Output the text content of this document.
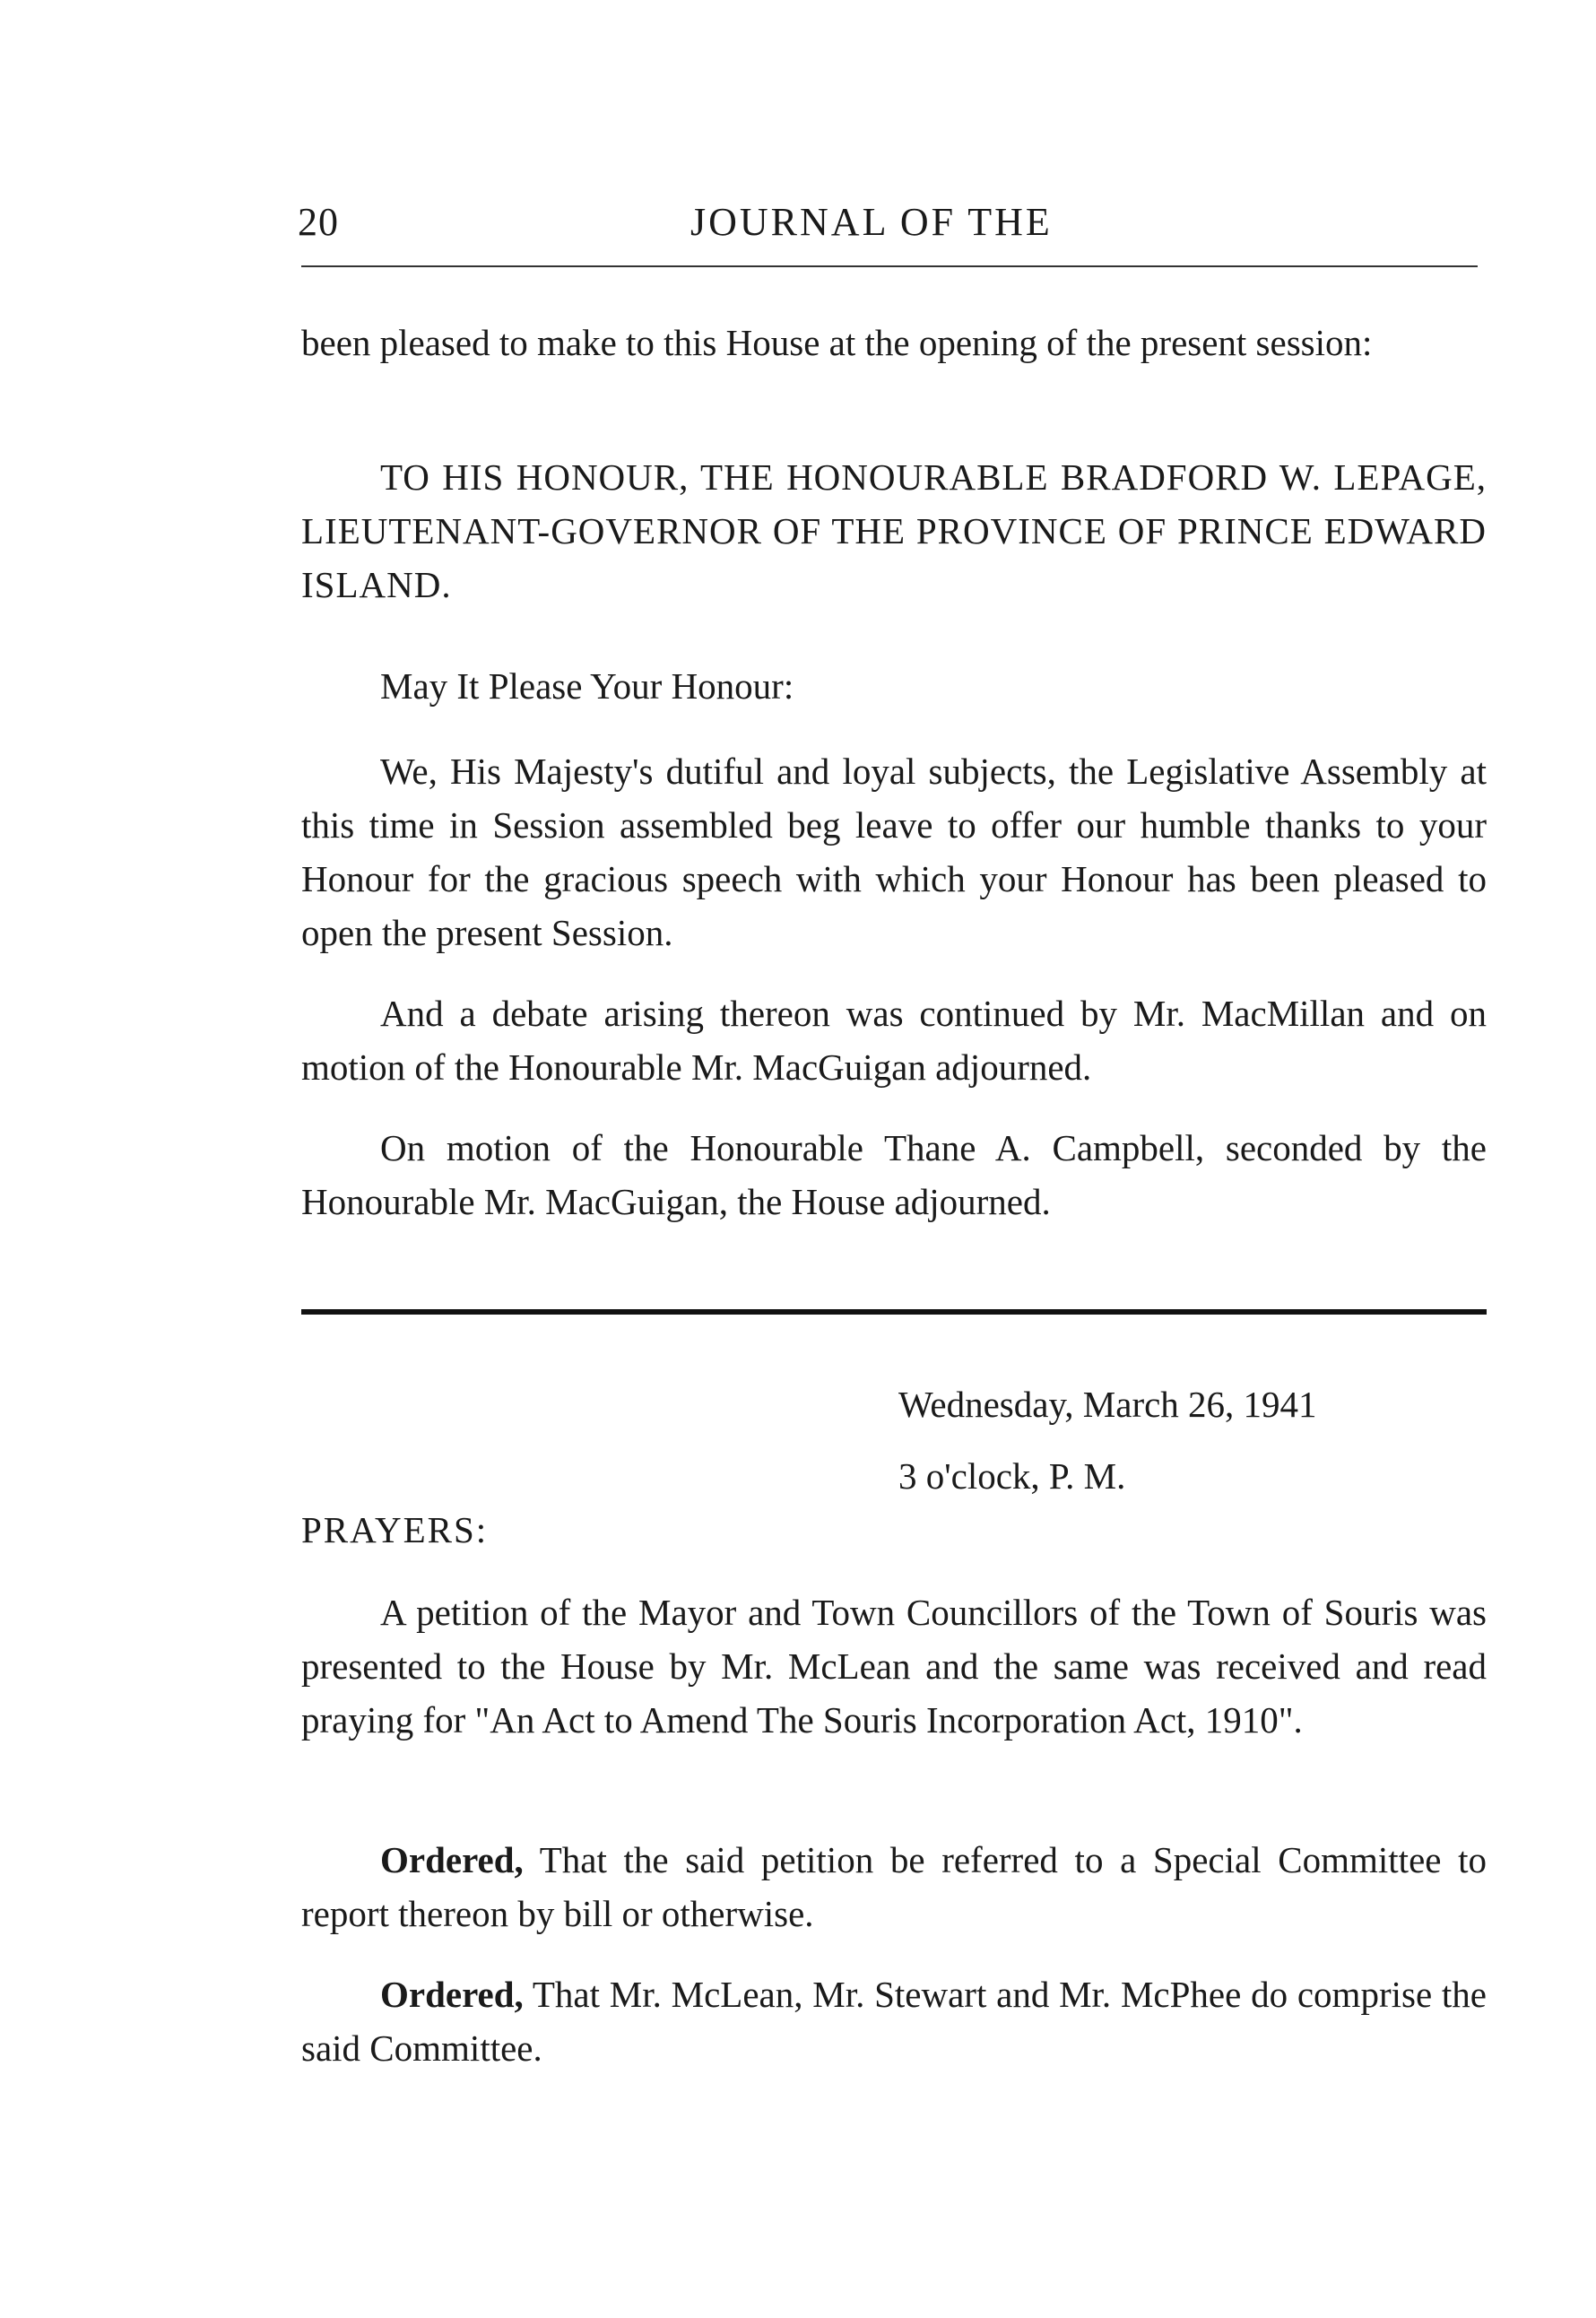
20	JOURNAL OF THE
been pleased to make to this House at the opening of the present session:
TO HIS HONOUR, THE HONOURABLE BRADFORD W. LEPAGE, LIEUTENANT-GOVERNOR OF THE PROVINCE OF PRINCE EDWARD ISLAND.
May It Please Your Honour:
We, His Majesty's dutiful and loyal subjects, the Legislative Assembly at this time in Session assembled beg leave to offer our humble thanks to your Honour for the gracious speech with which your Honour has been pleased to open the present Session.
And a debate arising thereon was continued by Mr. MacMillan and on motion of the Honourable Mr. MacGuigan adjourned.
On motion of the Honourable Thane A. Campbell, seconded by the Honourable Mr. MacGuigan, the House adjourned.
Wednesday, March 26, 1941
3 o'clock, P. M.
PRAYERS:
A petition of the Mayor and Town Councillors of the Town of Souris was presented to the House by Mr. McLean and the same was received and read praying for "An Act to Amend The Souris Incorporation Act, 1910".
Ordered, That the said petition be referred to a Special Committee to report thereon by bill or otherwise.
Ordered, That Mr. McLean, Mr. Stewart and Mr. McPhee do comprise the said Committee.
